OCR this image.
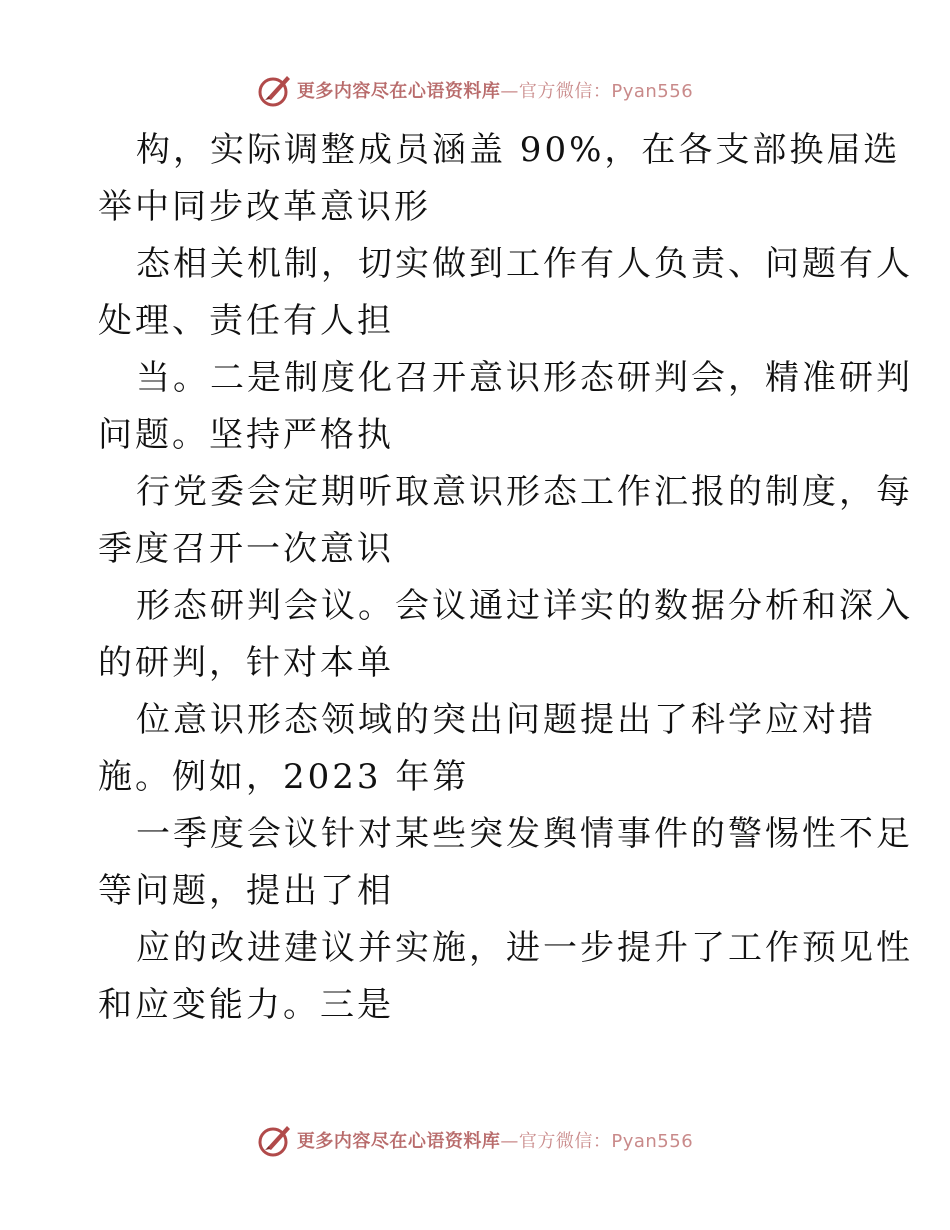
更多内容尽在心语资料库—官方微信：Pyan556

构，实际调整成员涵盖 90%，在各支部换届选
举中同步改革意识形

态相关机制，切实做到工作有人负责、问题有人
处理、责任有人担

当。二是制度化召开意识形态研判会，精准研判
问题。坚持严格执

行党委会定期听取意识形态工作汇报的制度，每
季度召开一次意识

形态研判会议。会议通过详实的数据分析和深入
的研判，针对本单

位意识形态领域的突出问题提出了科学应对措
施。例如，2023 年第

一季度会议针对某些突发舆情事件的警惕性不足
等问题，提出了相

应的改进建议并实施，进一步提升了工作预见性
和应变能力。三是

更多内容尽在心语资料库—官方微信：Pyan556
